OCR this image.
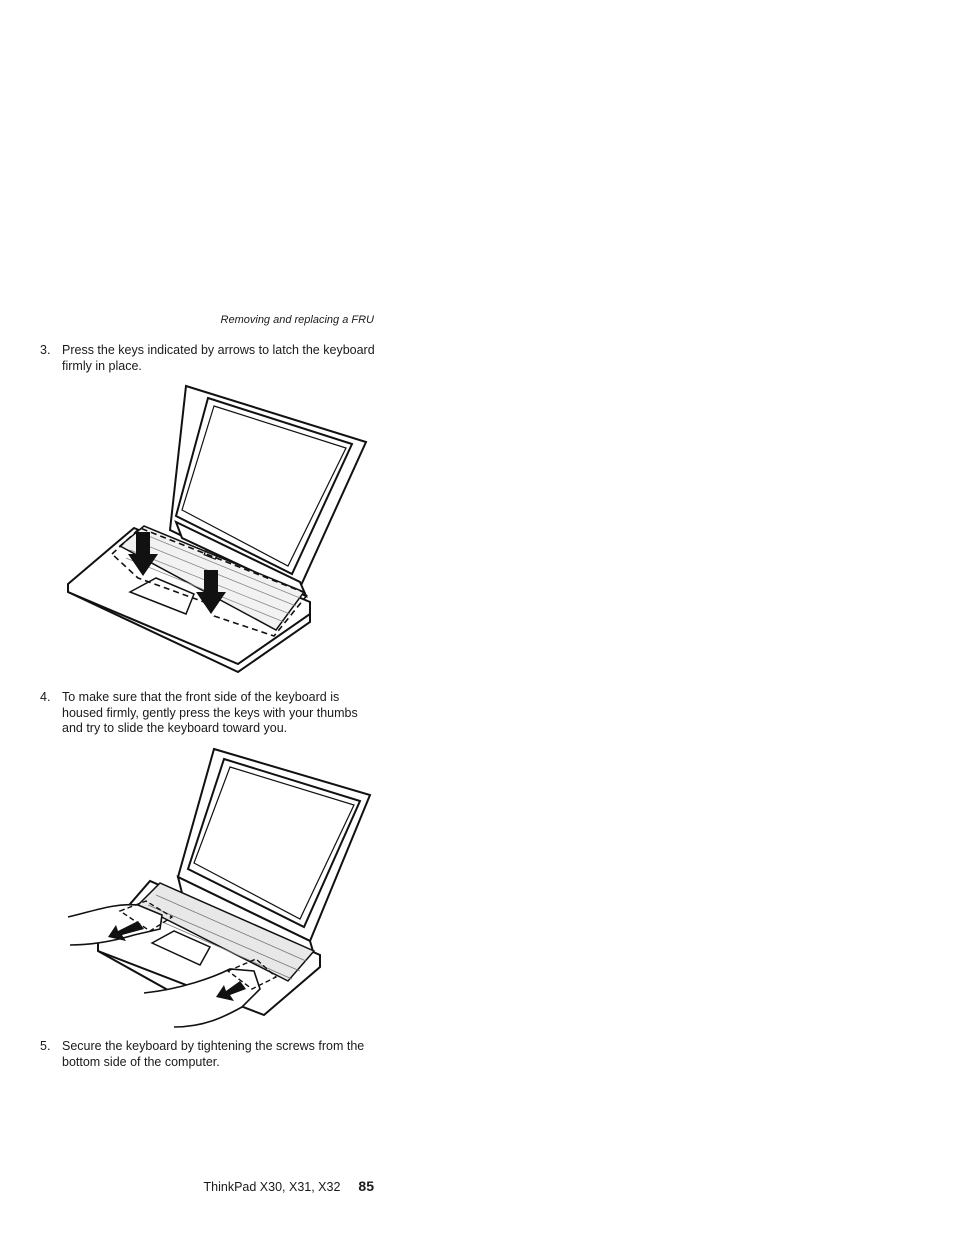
Removing and replacing a FRU
3. Press the keys indicated by arrows to latch the keyboard firmly in place.
4. To make sure that the front side of the keyboard is housed firmly, gently press the keys with your thumbs and try to slide the keyboard toward you.
5. Secure the keyboard by tightening the screws from the bottom side of the computer.
ThinkPad X30, X31, X32 85
